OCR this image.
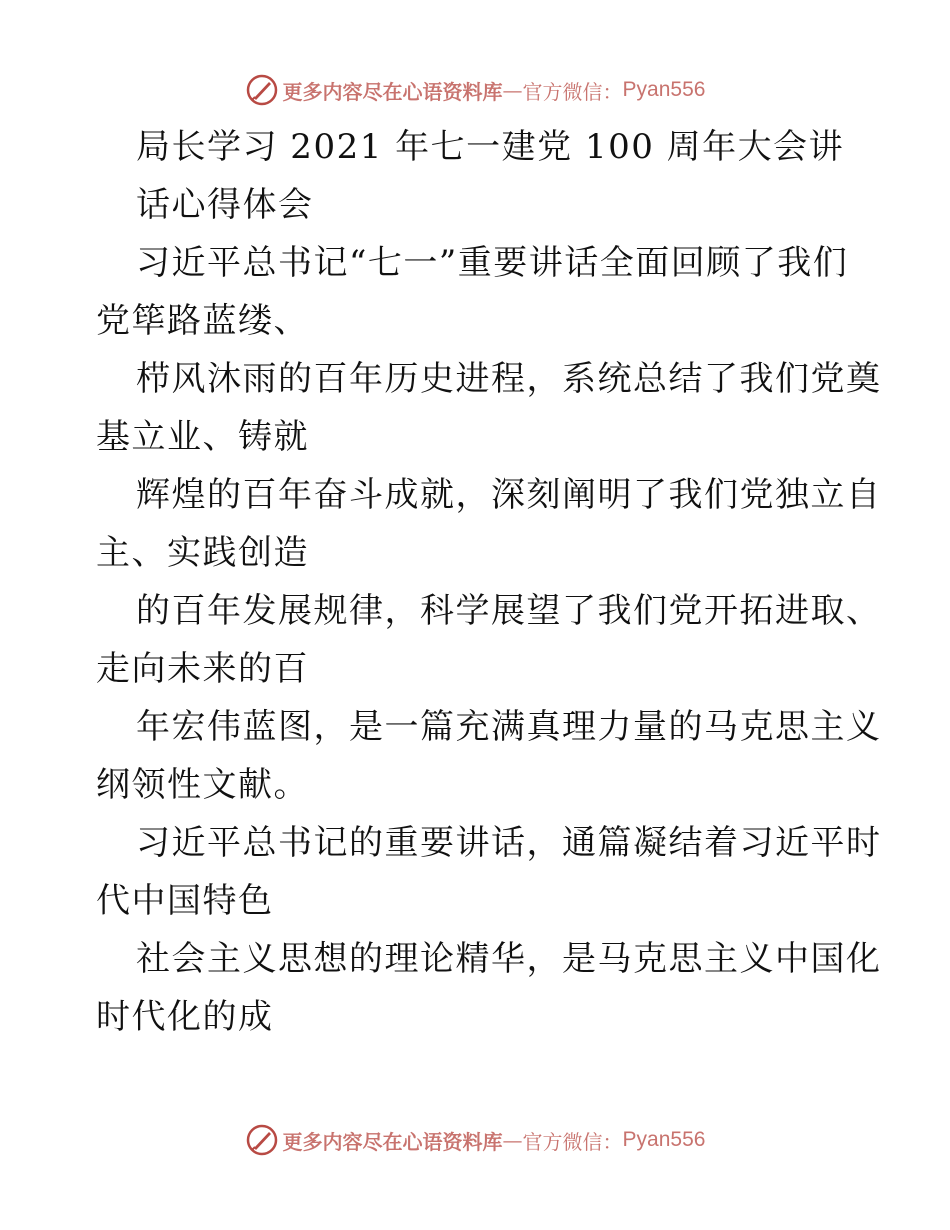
更多内容尽在心语资料库 — 官方微信： Pyan556
局长学习 2021 年七一建党 100 周年大会讲
话心得体会
习近平总书记“七一”重要讲话全面回顾了我们
党筚路蓝缕、
栉风沐雨的百年历史进程，系统总结了我们党奠
基立业、铸就
辉煌的百年奋斗成就，深刻阐明了我们党独立自
主、实践创造
的百年发展规律，科学展望了我们党开拓进取、
走向未来的百
年宏伟蓝图，是一篇充满真理力量的马克思主义
纲领性文献。
习近平总书记的重要讲话，通篇凝结着习近平时
代中国特色
社会主义思想的理论精华，是马克思主义中国化
时代化的成
更多内容尽在心语资料库 — 官方微信： Pyan556
